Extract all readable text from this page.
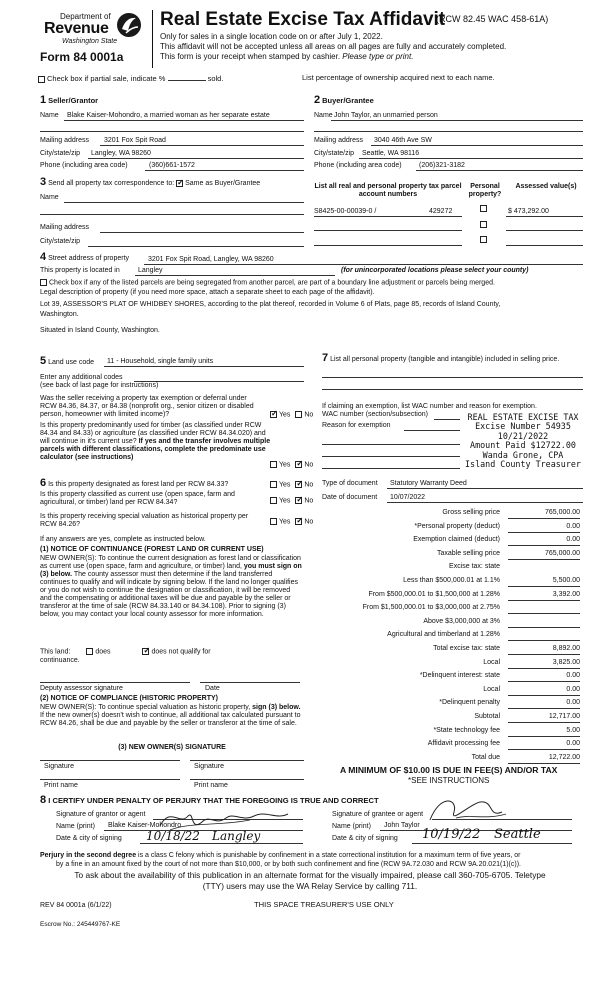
Department of
Revenue
Washington State
Form 84 0001a
Real Estate Excise Tax Affidavit
(RCW 82.45 WAC 458-61A)
Only for sales in a single location code on or after July 1, 2022.
This affidavit will not be accepted unless all areas on all pages are fully and accurately completed.
This form is your receipt when stamped by cashier. Please type or print.
Check box if partial sale, indicate %	sold.	List percentage of ownership acquired next to each name.
1 Seller/Grantor
Name Blake Kaiser-Mohondro, a married woman as her separate estate
Mailing address 3201 Fox Spit Road
City/state/zip Langley, WA 98260
Phone (including area code)	(360)661-1572
2 Buyer/Grantee
Name John Taylor, an unmarried person
Mailing address 3040 46th Ave SW
City/state/zip Seattle, WA 98116
Phone (including area code) (206)321-3182
3 Send all property tax correspondence to: ✓ Same as Buyer/Grantee
Name
Mailing address
City/state/zip
List all real and personal property tax parcel account numbers
Personal property?
Assessed value(s)
S8425-00-00039-0 /	429272	$ 473,292.00
4 Street address of property	3201 Fox Spit Road, Langley, WA 98260
This property is located in	Langley	(for unincorporated locations please select your county)
Check box if any of the listed parcels are being segregated from another parcel, are part of a boundary line adjustment or parcels being merged.
Legal description of property (if you need more space, attach a separate sheet to each page of the affidavit).
Lot 39, ASSESSOR'S PLAT OF WHIDBEY SHORES, according to the plat thereof, recorded in Volume 6 of Plats, page 85, records of Island County,
Washington.
Situated in Island County, Washington.
5 Land use code 11 - Household, single family units
Enter any additional codes
(see back of last page for instructions)
Was the seller receiving a property tax exemption or deferral under RCW 84.36, 84.37, or 84.38 (nonprofit org., senior citizen or disabled person, homeowner with limited income)? ✓	Yes No
Is this property predominantly used for timber (as classified under RCW 84.34 and 84.33) or agriculture (as classified under RCW 84.34.020) and will continue in it's current use? If yes and the transfer involves multiple parcels with different classifications, complete the predominate use calculator (see instructions)
Yes ✓ No
7 List all personal property (tangible and intangible) included in selling price.
If claiming an exemption, list WAC number and reason for exemption.
WAC number (section/subsection)
Reason for exemption
REAL ESTATE EXCISE TAX
Excise Number 54935
10/21/2022
Amount Paid $12722.00
Wanda Grone, CPA
Island County Treasurer
6 Is this property designated as forest land per RCW 84.33?	Yes ✓ No
Is this property classified as current use (open space, farm and agricultural, or timber) land per RCW 84.34?	Yes ✓ No
Is this property receiving special valuation as historical property per RCW 84.26?	Yes ✓ No
If any answers are yes, complete as instructed below.
(1) NOTICE OF CONTINUANCE (FOREST LAND OR CURRENT USE)
NEW OWNER(S): To continue the current designation as forest land or classification as current use (open space, farm and agriculture, or timber) land, you must sign on (3) below. The county assessor must then determine if the land transferred continues to qualify and will indicate by signing below. If the land no longer qualifies or you do not wish to continue the designation or classification, it will be removed and the compensating or additional taxes will be due and payable by the seller or transferor at the time of sale (RCW 84.33.140 or 84.34.108). Prior to signing (3) below, you may contact your local county assessor for more information.
This land:	does ✓	does not qualify for
continuance.
Deputy assessor signature	Date
(2) NOTICE OF COMPLIANCE (HISTORIC PROPERTY)
NEW OWNER(S): To continue special valuation as historic property, sign (3) below. If the new owner(s) doesn't wish to continue, all additional tax calculated pursuant to RCW 84.26, shall be due and payable by the seller or transferor at the time of sale.
(3) NEW OWNER(S) SIGNATURE
Signature	Signature
Print name	Print name
Type of document Statutory Warranty Deed
Date of document 10/07/2022
Gross selling price	765,000.00
*Personal property (deduct)	0.00
Exemption claimed (deduct)	0.00
Taxable selling price	765,000.00
Excise tax: state
Less than $500,000.01 at 1.1%	5,500.00
From $500,000.01 to $1,500,000 at 1.28%	3,392.00
From $1,500,000.01 to $3,000,000 at 2.75%
Above $3,000,000 at 3%
Agricultural and timberland at 1.28%
Total excise tax: state	8,892.00
Local	3,825.00
*Delinquent interest: state	0.00
Local	0.00
*Delinquent penalty	0.00
Subtotal	12,717.00
*State technology fee	5.00
Affidavit processing fee	0.00
Total due	12,722.00
A MINIMUM OF $10.00 IS DUE IN FEE(S) AND/OR TAX
*SEE INSTRUCTIONS
8 I CERTIFY UNDER PENALTY OF PERJURY THAT THE FOREGOING IS TRUE AND CORRECT
Signature of grantor or agent	Signature of grantee or agent
Name (print) Blake Kaiser-Mohondro	Name (print) John Taylor
Date & city of signing	Date & city of signing
10/18/22 Langley	10/19/22 Seattle
Perjury in the second degree is a class C felony which is punishable by confinement in a state correctional institution for a maximum term of five years, or
by a fine in an amount fixed by the court of not more than $10,000, or by both such confinement and fine (RCW 9A.72.030 and RCW 9A.20.021(1)(c)).
To ask about the availability of this publication in an alternate format for the visually impaired, please call 360-705-6705. Teletype
(TTY) users may use the WA Relay Service by calling 711.
REV 84 0001a (6/1/22)	THIS SPACE TREASURER'S USE ONLY
Escrow No.: 245449767-KE
